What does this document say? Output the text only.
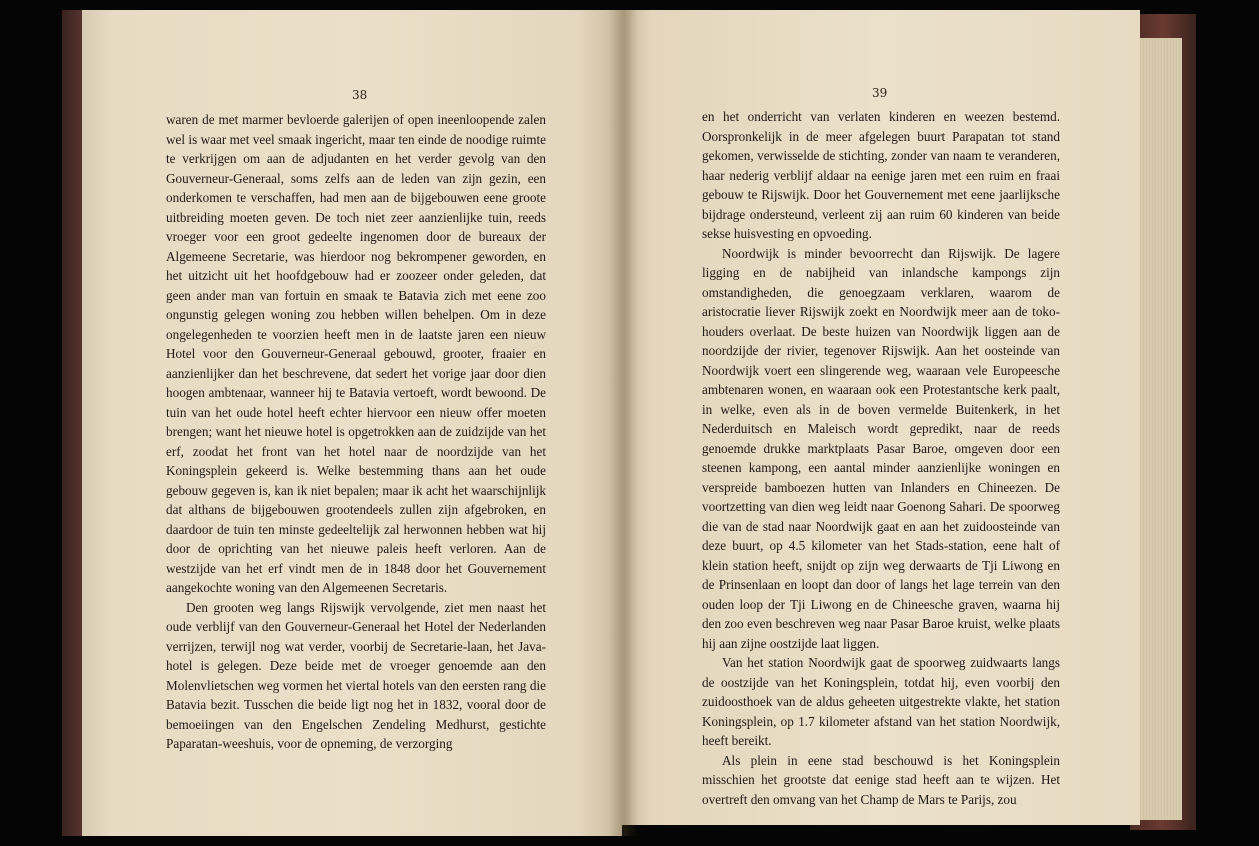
38

waren de met marmer bevloerde galerijen of open ineenloopende zalen wel is waar met veel smaak ingericht, maar ten einde de noodige ruimte te verkrijgen om aan de adjudanten en het verder gevolg van den Gouverneur-Generaal, soms zelfs aan de leden van zijn gezin, een onderkomen te verschaffen, had men aan de bijgebouwen eene groote uitbreiding moeten geven. De toch niet zeer aanzienlijke tuin, reeds vroeger voor een groot gedeelte ingenomen door de bureaux der Algemeene Secretarie, was hierdoor nog bekrompener geworden, en het uitzicht uit het hoofdgebouw had er zoozeer onder geleden, dat geen ander man van fortuin en smaak te Batavia zich met eene zoo ongunstig gelegen woning zou hebben willen behelpen. Om in deze ongelegenheden te voorzien heeft men in de laatste jaren een nieuw Hotel voor den Gouverneur-Generaal gebouwd, grooter, fraaier en aanzienlijker dan het beschrevene, dat sedert het vorige jaar door dien hoogen ambtenaar, wanneer hij te Batavia vertoeft, wordt bewoond. De tuin van het oude hotel heeft echter hiervoor een nieuw offer moeten brengen; want het nieuwe hotel is opgetrokken aan de zuidzijde van het erf, zoodat het front van het hotel naar de noordzijde van het Koningsplein gekeerd is. Welke bestemming thans aan het oude gebouw gegeven is, kan ik niet bepalen; maar ik acht het waarschijnlijk dat althans de bijgebouwen grootendeels zullen zijn afgebroken, en daardoor de tuin ten minste gedeeltelijk zal herwonnen hebben wat hij door de oprichting van het nieuwe paleis heeft verloren. Aan de westzijde van het erf vindt men de in 1848 door het Gouvernement aangekochte woning van den Algemeenen Secretaris.

Den grooten weg langs Rijswijk vervolgende, ziet men naast het oude verblijf van den Gouverneur-Generaal het Hotel der Nederlanden verrijzen, terwijl nog wat verder, voorbij de Secretarie-laan, het Java-hotel is gelegen. Deze beide met de vroeger genoemde aan den Molenvlietschen weg vormen het viertal hotels van den eersten rang die Batavia bezit. Tusschen die beide ligt nog het in 1832, vooral door de bemoeiingen van den Engelschen Zendeling Medhurst, gestichte Paparatan-weeshuis, voor de opneming, de verzorging

39

en het onderricht van verlaten kinderen en weezen bestemd. Oorspronkelijk in de meer afgelegen buurt Parapatan tot stand gekomen, verwisselde de stichting, zonder van naam te veranderen, haar nederig verblijf aldaar na eenige jaren met een ruim en fraai gebouw te Rijswijk. Door het Gouvernement met eene jaarlijksche bijdrage ondersteund, verleent zij aan ruim 60 kinderen van beide sekse huisvesting en opvoeding.

Noordwijk is minder bevoorrecht dan Rijswijk. De lagere ligging en de nabijheid van inlandsche kampongs zijn omstandigheden, die genoegzaam verklaren, waarom de aristocratie liever Rijswijk zoekt en Noordwijk meer aan de toko-houders overlaat. De beste huizen van Noordwijk liggen aan de noordzijde der rivier, tegenover Rijswijk. Aan het oosteinde van Noordwijk voert een slingerende weg, waaraan vele Europeesche ambtenaren wonen, en waaraan ook een Protestantsche kerk paalt, in welke, even als in de boven vermelde Buitenkerk, in het Nederduitsch en Maleisch wordt gepredikt, naar de reeds genoemde drukke marktplaats Pasar Baroe, omgeven door een steenen kampong, een aantal minder aanzienlijke woningen en verspreide bamboezen hutten van Inlanders en Chineezen. De voortzetting van dien weg leidt naar Goenong Sahari. De spoorweg die van de stad naar Noordwijk gaat en aan het zuidoosteinde van deze buurt, op 4.5 kilometer van het Stads-station, eene halt of klein station heeft, snijdt op zijn weg derwaarts de Tji Liwong en de Prinsenlaan en loopt dan door of langs het lage terrein van den ouden loop der Tji Liwong en de Chineesche graven, waarna hij den zoo even beschreven weg naar Pasar Baroe kruist, welke plaats hij aan zijne oostzijde laat liggen.

Van het station Noordwijk gaat de spoorweg zuidwaarts langs de oostzijde van het Koningsplein, totdat hij, even voorbij den zuidoosthoek van de aldus geheeten uitgestrekte vlakte, het station Koningsplein, op 1.7 kilometer afstand van het station Noordwijk, heeft bereikt.

Als plein in eene stad beschouwd is het Koningsplein misschien het grootste dat eenige stad heeft aan te wijzen. Het overtreft den omvang van het Champ de Mars te Parijs, zou
